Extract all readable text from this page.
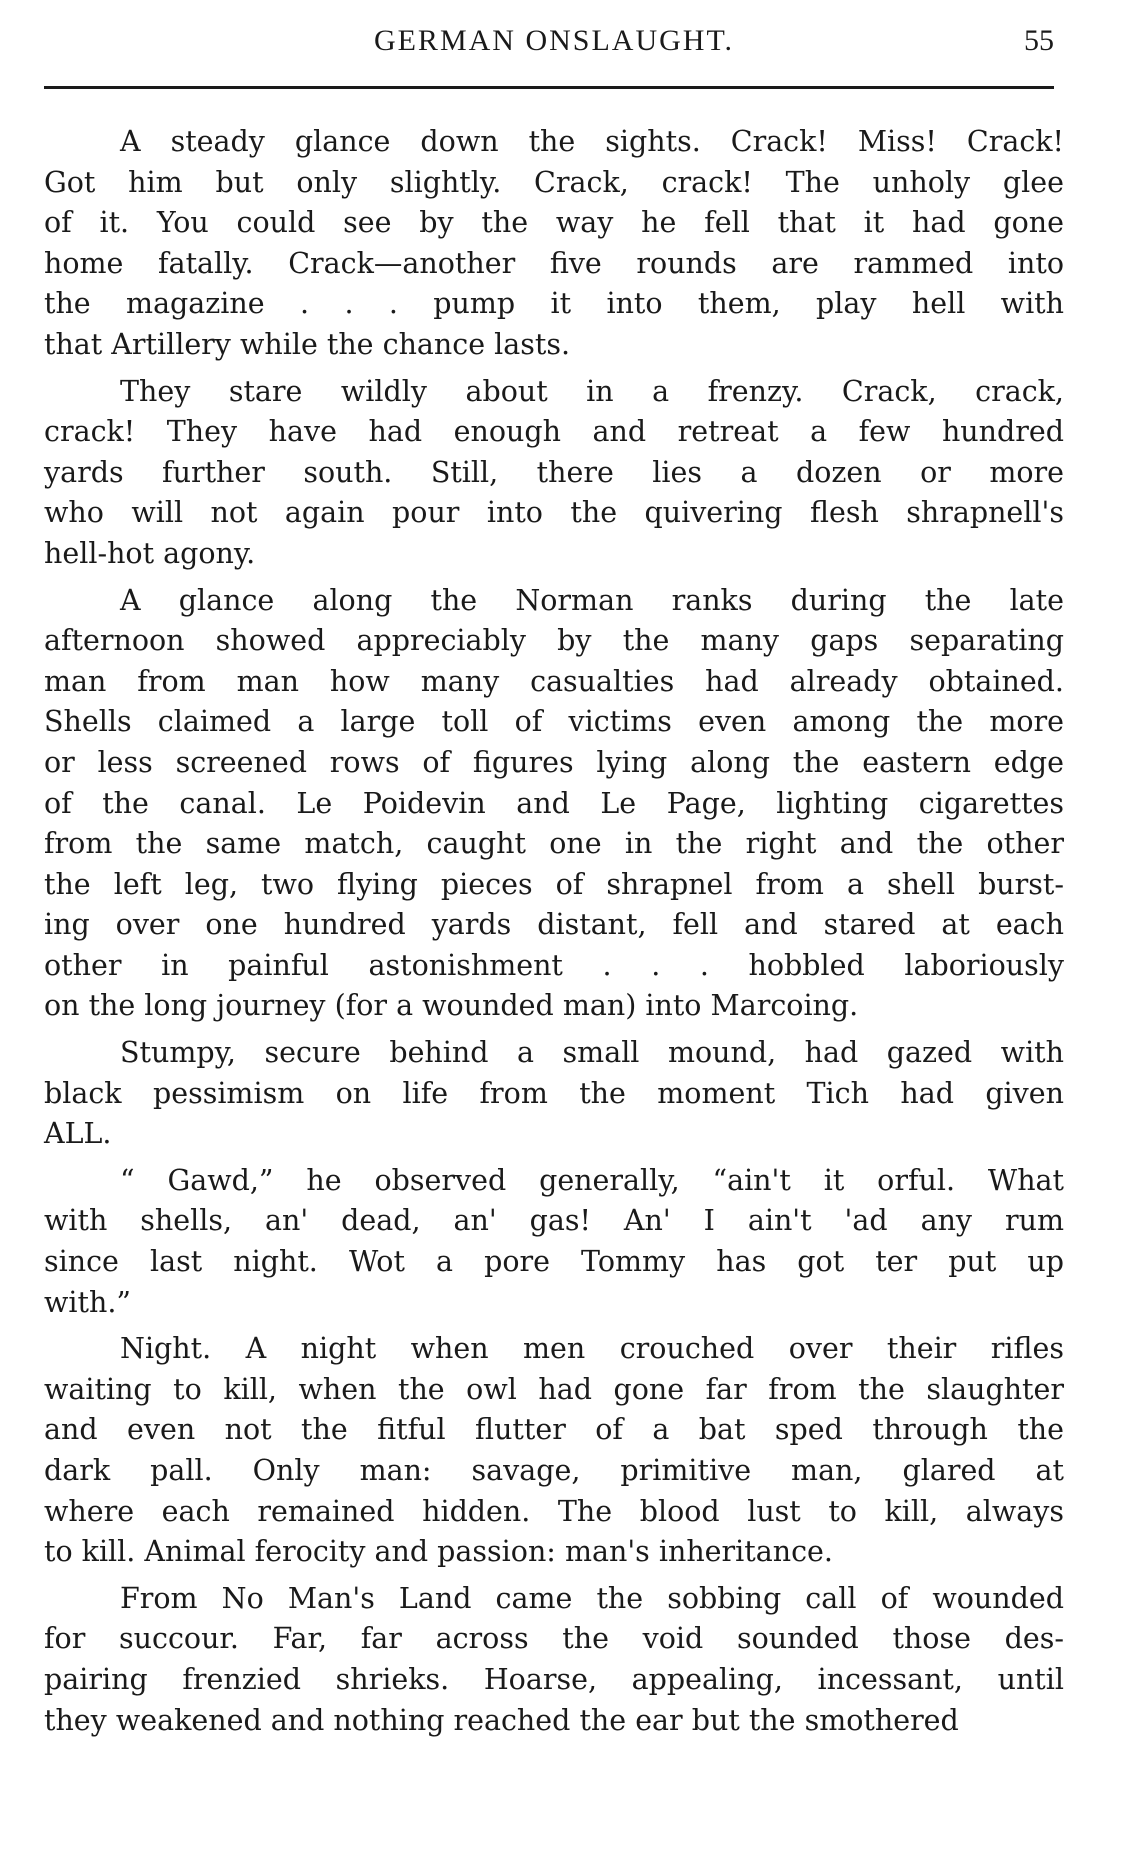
GERMAN ONSLAUGHT.	55

A steady glance down the sights. Crack! Miss! Crack!
Got him but only slightly. Crack, crack! The unholy glee
of it. You could see by the way he fell that it had gone
home fatally. Crack—another five rounds are rammed into
the magazine . . . pump it into them, play hell with
that Artillery while the chance lasts.

They stare wildly about in a frenzy. Crack, crack,
crack! They have had enough and retreat a few hundred
yards further south. Still, there lies a dozen or more
who will not again pour into the quivering flesh shrapnell's
hell-hot agony.

A glance along the Norman ranks during the late
afternoon showed appreciably by the many gaps separating
man from man how many casualties had already obtained.
Shells claimed a large toll of victims even among the more
or less screened rows of figures lying along the eastern edge
of the canal. Le Poidevin and Le Page, lighting cigarettes
from the same match, caught one in the right and the other
the left leg, two flying pieces of shrapnel from a shell burst-
ing over one hundred yards distant, fell and stared at each
other in painful astonishment . . . hobbled laboriously
on the long journey (for a wounded man) into Marcoing.

Stumpy, secure behind a small mound, had gazed with
black pessimism on life from the moment Tich had given
ALL.

“ Gawd,” he observed generally, “ain't it orful. What
with shells, an' dead, an' gas! An' I ain't 'ad any rum
since last night. Wot a pore Tommy has got ter put up
with.”

Night. A night when men crouched over their rifles
waiting to kill, when the owl had gone far from the slaughter
and even not the fitful flutter of a bat sped through the
dark pall. Only man: savage, primitive man, glared at
where each remained hidden. The blood lust to kill, always
to kill. Animal ferocity and passion: man's inheritance.

From No Man's Land came the sobbing call of wounded
for succour. Far, far across the void sounded those des-
pairing frenzied shrieks. Hoarse, appealing, incessant, until
they weakened and nothing reached the ear but the smothered
